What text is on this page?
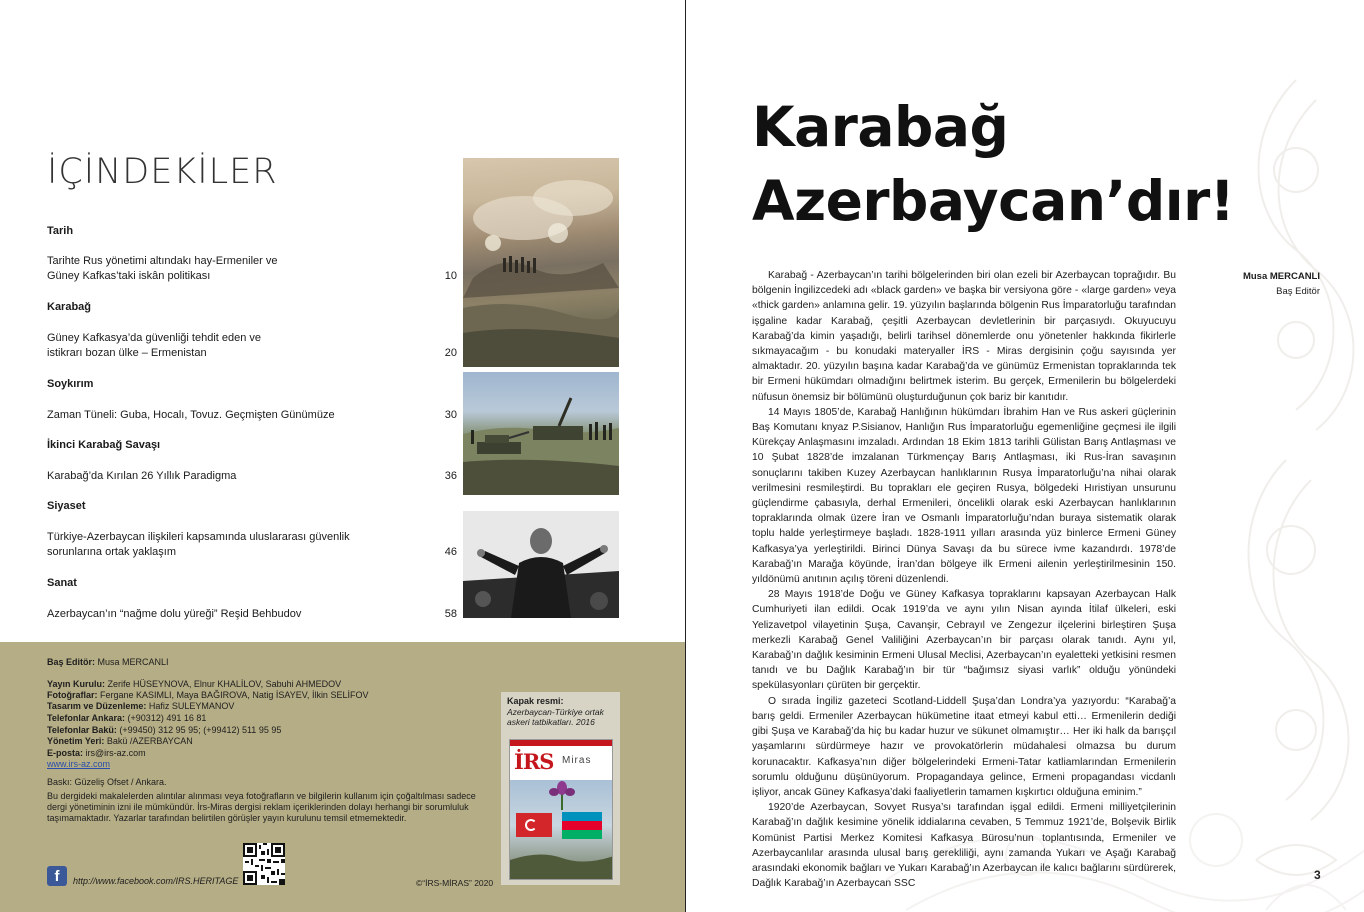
İÇİNDEKİLER
Tarih
Tarihte Rus yönetimi altındakı hay-Ermeniler ve
Güney Kafkas’taki iskân politikası	10
Karabağ
Güney Kafkasya’da güvenliği tehdit eden ve
istikrarı bozan ülke – Ermenistan	20
Soykırım
Zaman Tüneli: Guba, Hocalı, Tovuz. Geçmişten Günümüze	30
İkinci Karabağ Savaşı
Karabağ’da Kırılan 26 Yıllık Paradigma	36
Siyaset
Türkiye-Azerbaycan ilişkileri kapsamında uluslararası güvenlik
sorunlarına ortak yaklaşım	46
Sanat
Azerbaycan’ın “nağme dolu yüreği” Reşid Behbudov	58
Baş Editör: Musa MERCANLI
Yayın Kurulu: Zerife HÜSEYNOVA, Elnur KHALİLOV, Sabuhi AHMEDOV
Fotoğraflar: Fergane KASIMLI, Maya BAĞIROVA, Natig İSAYEV, İlkin SELİFOV
Tasarım ve Düzenleme: Hafiz SULEYMANOV
Telefonlar Ankara: (+90312) 491 16 81
Telefonlar Bakü: (+99450) 312 95 95; (+99412) 511 95 95
Yönetim Yeri: Bakü /AZERBAYCAN
E-posta: irs@irs-az.com
www.irs-az.com
Baskı: Güzeliş Ofset / Ankara.
Bu dergideki makalelerden alıntılar alınması veya fotoğrafların ve bilgilerin kullanım için çoğaltılması sadece dergi yönetiminin izni ile mümkündür. İrs-Miras dergisi reklam içeriklerinden dolayı herhangi bir sorumluluk taşımamaktadır. Yazarlar tarafından belirtilen görüşler yayın kurulunu temsil etmemektedir.
f	http://www.facebook.com/IRS.HERITAGE	©“İRS-MİRAS” 2020
Kapak resmi:
Azerbaycan-Türkiye ortak askeri tatbikatları. 2016
İRS Miras
Karabağ
Azerbaycan’dır!
Musa MERCANLI
Baş Editör

Karabağ - Azerbaycan’ın tarihi bölgelerinden biri olan ezeli bir Azerbaycan toprağıdır. Bu bölgenin İngilizcedeki adı «black garden» ve başka bir versiyona göre - «large garden» veya «thick garden» anlamına gelir. 19. yüzyılın başlarında bölgenin Rus İmparatorluğu tarafından işgaline kadar Karabağ, çeşitli Azerbaycan devletlerinin bir parçasıydı. Okuyucuyu Karabağ’da kimin yaşadığı, belirli tarihsel dönemlerde onu yönetenler hakkında fikirlerle sıkmayacağım - bu konudaki materyaller İRS - Miras dergisinin çoğu sayısında yer almaktadır. 20. yüzyılın başına kadar Karabağ’da ve günümüz Ermenistan topraklarında tek bir Ermeni hükümdarı olmadığını belirtmek isterim. Bu gerçek, Ermenilerin bu bölgelerdeki nüfusun önemsiz bir bölümünü oluşturduğunun çok bariz bir kanıtıdır.

14 Mayıs 1805’de, Karabağ Hanlığının hükümdarı İbrahim Han ve Rus askeri güçlerinin Baş Komutanı knyaz P.Sisianov, Hanlığın Rus İmparatorluğu egemenliğine geçmesi ile ilgili Kürekçay Anlaşmasını imzaladı. Ardından 18 Ekim 1813 tarihli Gülistan Barış Antlaşması ve 10 Şubat 1828’de imzalanan Türkmençay Barış Antlaşması, iki Rus-İran savaşının sonuçlarını takiben Kuzey Azerbaycan hanlıklarının Rusya İmparatorluğu’na nihai olarak verilmesini resmileştirdi. Bu toprakları ele geçiren Rusya, bölgedeki Hıristiyan unsurunu güçlendirme çabasıyla, derhal Ermenileri, öncelikli olarak eski Azerbaycan hanlıklarının topraklarında olmak üzere İran ve Osmanlı İmparatorluğu’ndan buraya sistematik olarak toplu halde yerleştirmeye başladı. 1828-1911 yılları arasında yüz binlerce Ermeni Güney Kafkasya’ya yerleştirildi. Birinci Dünya Savaşı da bu sürece ivme kazandırdı. 1978’de Karabağ’ın Marağa köyünde, İran’dan bölgeye ilk Ermeni ailenin yerleştirilmesinin 150. yıldönümü anıtının açılış töreni düzenlendi.

28 Mayıs 1918’de Doğu ve Güney Kafkasya topraklarını kapsayan Azerbaycan Halk Cumhuriyeti ilan edildi. Ocak 1919’da ve aynı yılın Nisan ayında İtilaf ülkeleri, eski Yelizavetpol vilayetinin Şuşa, Cavanşir, Cebrayıl ve Zengezur ilçelerini birleştiren Şuşa merkezli Karabağ Genel Valiliğini Azerbaycan’ın bir parçası olarak tanıdı. Aynı yıl, Karabağ’ın dağlık kesiminin Ermeni Ulusal Meclisi, Azerbaycan’ın eyaletteki yetkisini resmen tanıdı ve bu Dağlık Karabağ’ın bir tür “bağımsız siyasi varlık” olduğu yönündeki spekülasyonları çürüten bir gerçektir.

O sırada İngiliz gazeteci Scotland-Liddell Şuşa’dan Londra’ya yazıyordu: “Karabağ’a barış geldi. Ermeniler Azerbaycan hükümetine itaat etmeyi kabul etti… Ermenilerin dediği gibi Şuşa ve Karabağ’da hiç bu kadar huzur ve sükunet olmamıştır… Her iki halk da barışçıl yaşamlarını sürdürmeye hazır ve provokatörlerin müdahalesi olmazsa bu durum korunacaktır. Kafkasya’nın diğer bölgelerindeki Ermeni-Tatar katliamlarından Ermenilerin sorumlu olduğunu düşünüyorum. Propagandaya gelince, Ermeni propagandası vicdanlı işliyor, ancak Güney Kafkasya’daki faaliyetlerin tamamen kışkırtıcı olduğuna eminim.”

1920’de Azerbaycan, Sovyet Rusya’sı tarafından işgal edildi. Ermeni milliyetçilerinin Karabağ’ın dağlık kesimine yönelik iddialarına cevaben, 5 Temmuz 1921’de, Bolşevik Birlik Komünist Partisi Merkez Komitesi Kafkasya Bürosu’nun toplantısında, Ermeniler ve Azerbaycanlılar arasında ulusal barış gerekliliği, aynı zamanda Yukarı ve Aşağı Karabağ arasındaki ekonomik bağları ve Yukarı Karabağ’ın Azerbaycan ile kalıcı bağlarını sürdürerek, Dağlık Karabağ’ın Azerbaycan SSC

3
